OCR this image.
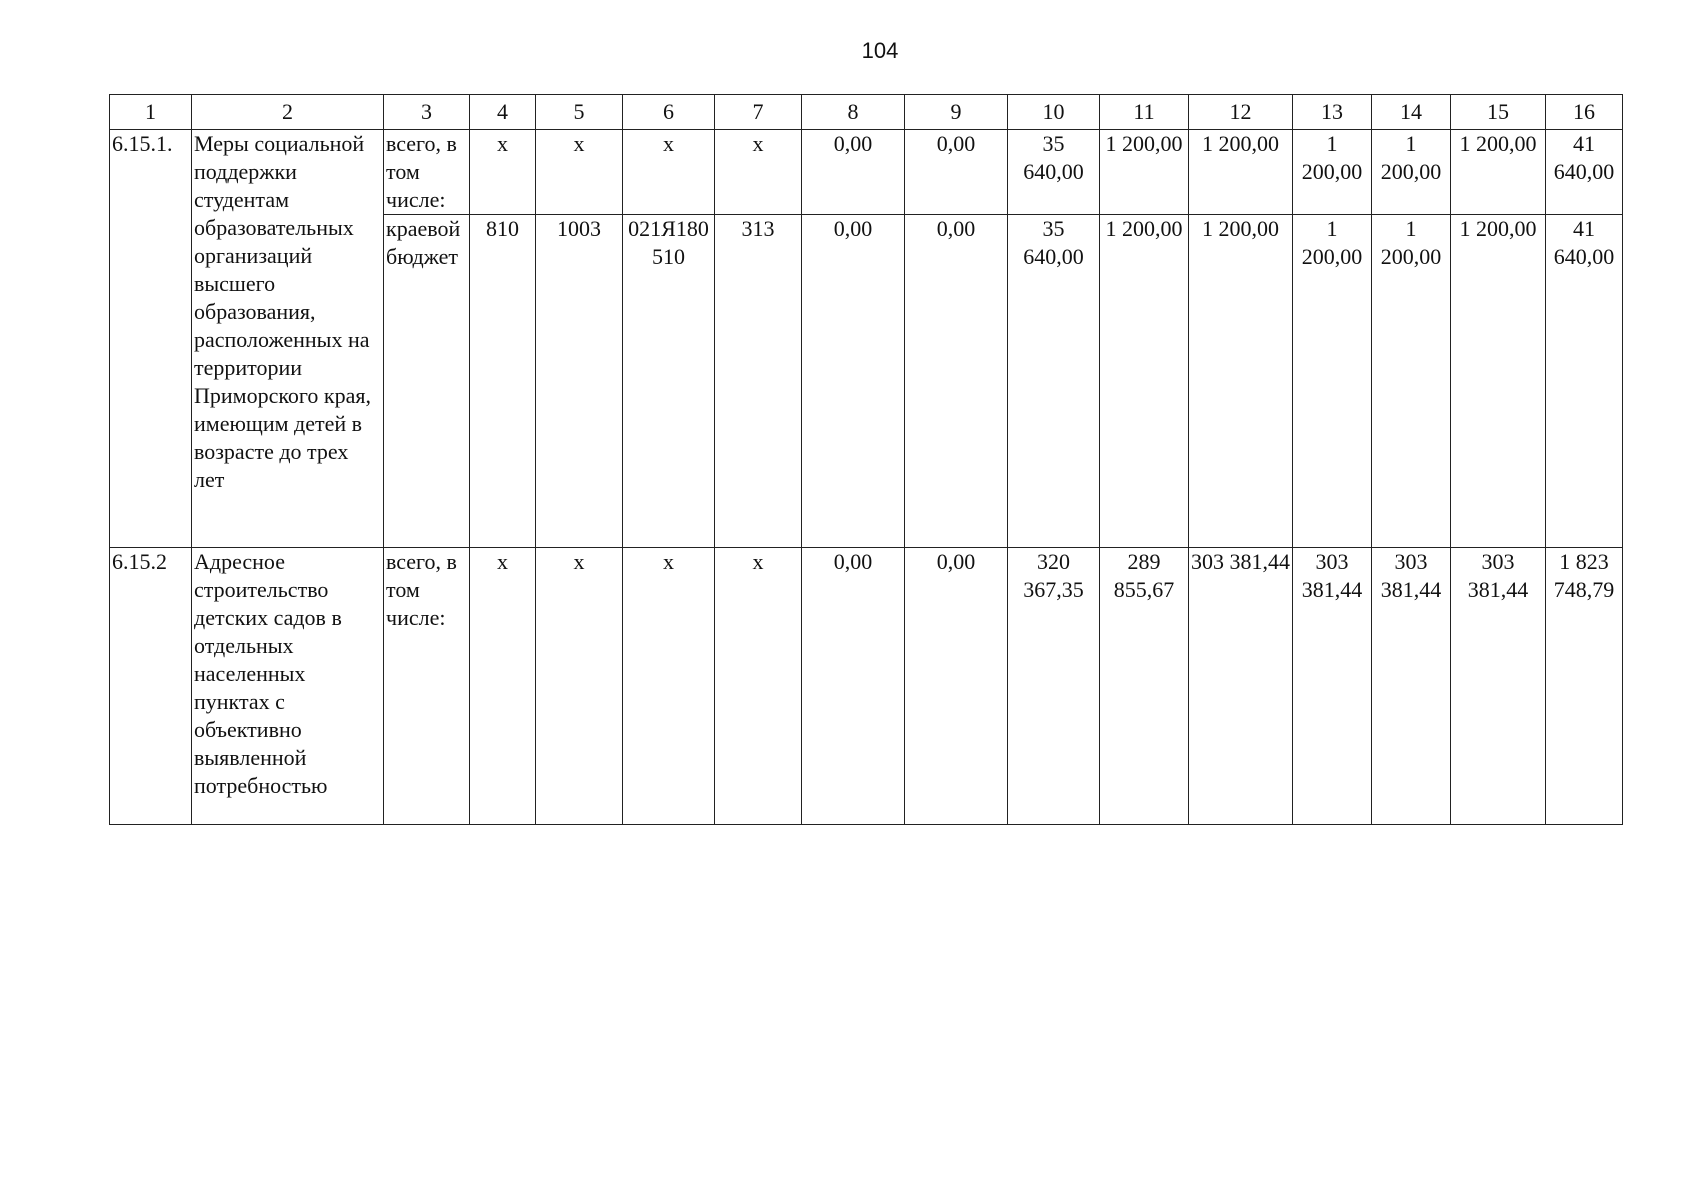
104
1	2	3	4	5	6	7	8	9	10	11	12	13	14	15	16
6.15.1.	Меры социальной поддержки студентам образовательных организаций высшего образования, расположенных на территории Приморского края, имеющим детей в возрасте до трех лет	всего, в том числе:	х	х	х	х	0,00	0,00	35 640,00	1 200,00	1 200,00	1 200,00	1 200,00	1 200,00	41 640,00
		краевой бюджет	810	1003	021Я180510	313	0,00	0,00	35 640,00	1 200,00	1 200,00	1 200,00	1 200,00	1 200,00	41 640,00
6.15.2	Адресное строительство детских садов в отдельных населенных пунктах с объективно выявленной потребностью	всего, в том числе:	х	х	х	х	0,00	0,00	320 367,35	289 855,67	303 381,44	303 381,44	303 381,44	303 381,44	1 823 748,79
